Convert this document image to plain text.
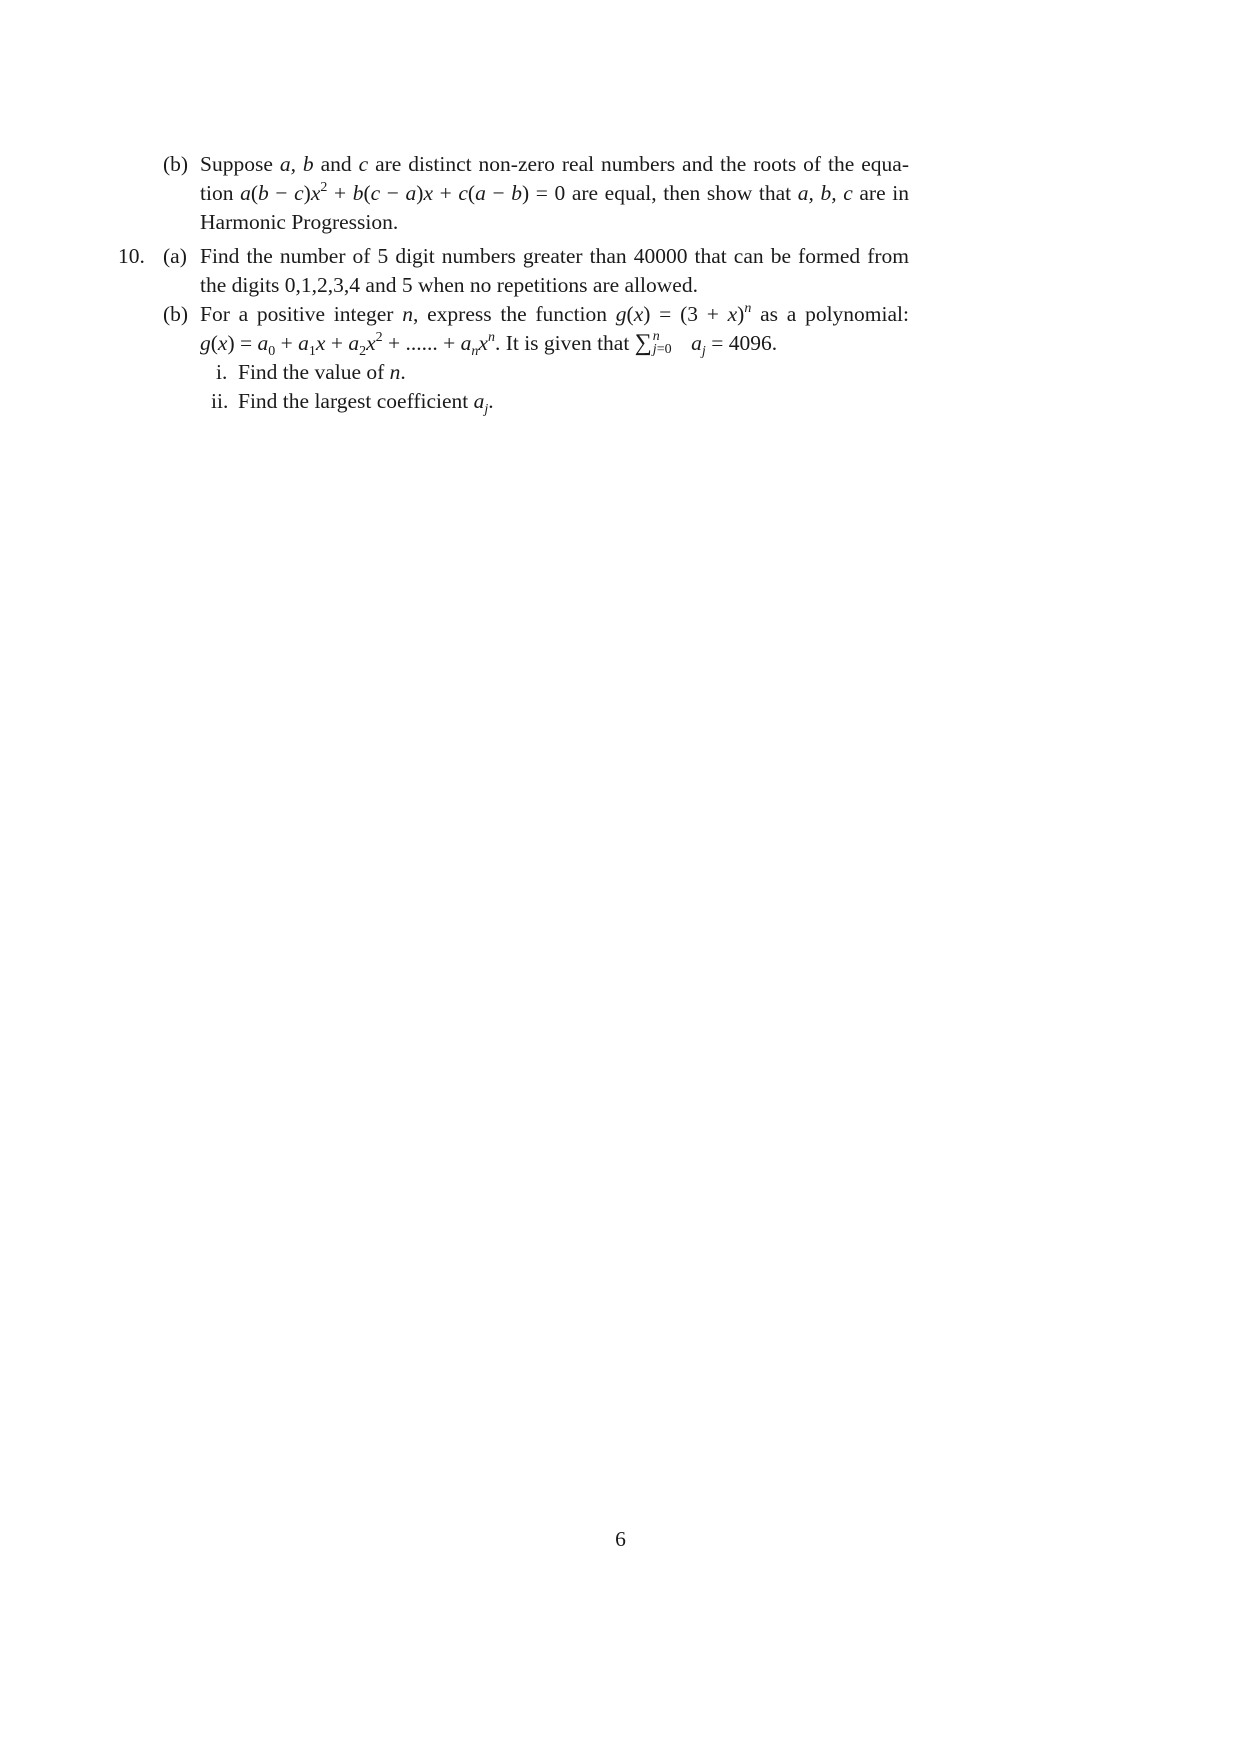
(b) Suppose a, b and c are distinct non-zero real numbers and the roots of the equa-
tion $a(b - c)x^2 + b(c - a)x + c(a - b) = 0$ are equal, then show that a, b, c are in
Harmonic Progression.
10. (a) Find the number of 5 digit numbers greater than 40000 that can be formed from
the digits 0,1,2,3,4 and 5 when no repetitions are allowed.
(b) For a positive integer n, express the function $g(x) = (3 + x)^n$ as a polynomial:
$g(x) = a_0 + a_1x + a_2x^2$ + ...... + $a_nx^n$. It is given that ∑ n
j=0 $a_j = 4096$.
i. Find the value of n.
ii. Find the largest coefficient $a_j$.
6
